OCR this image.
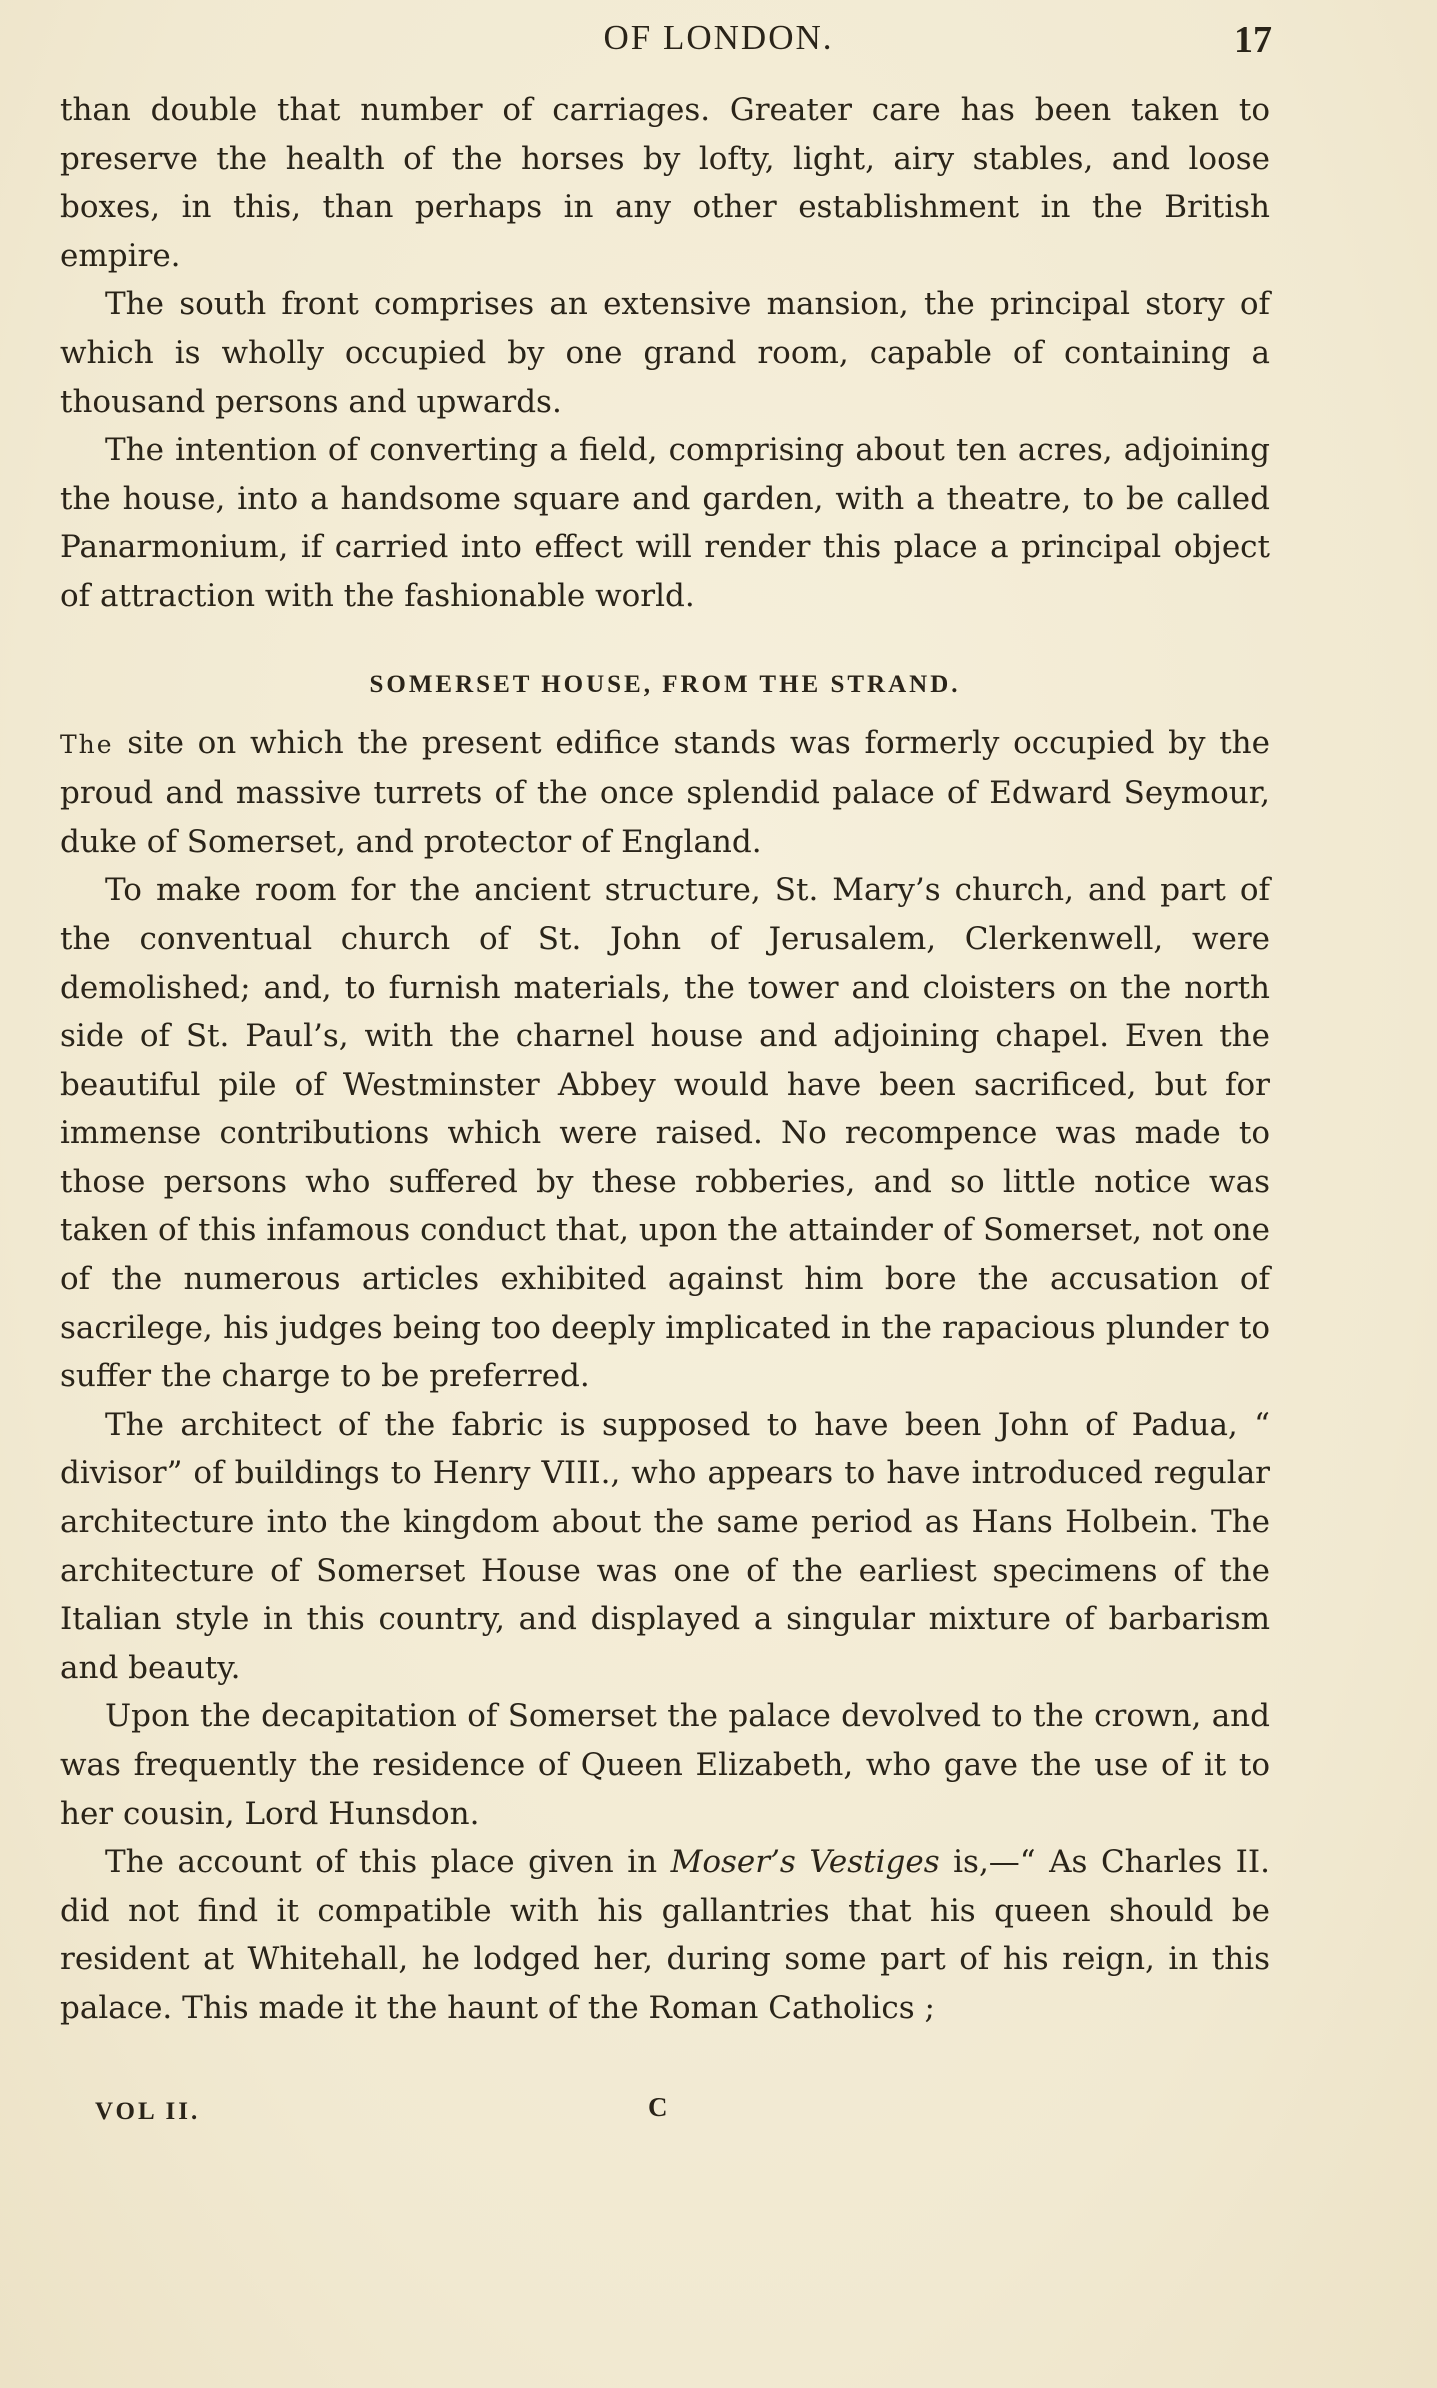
OF LONDON.	17

than double that number of carriages. Greater care has been taken to preserve the health of the horses by lofty, light, airy stables, and loose boxes, in this, than perhaps in any other establishment in the British empire.

The south front comprises an extensive mansion, the principal story of which is wholly occupied by one grand room, capable of containing a thousand persons and upwards.

The intention of converting a field, comprising about ten acres, adjoining the house, into a handsome square and garden, with a theatre, to be called Panarmonium, if carried into effect will render this place a principal object of attraction with the fashionable world.

SOMERSET HOUSE, FROM THE STRAND.

The site on which the present edifice stands was formerly occupied by the proud and massive turrets of the once splendid palace of Edward Seymour, duke of Somerset, and protector of England.

To make room for the ancient structure, St. Mary’s church, and part of the conventual church of St. John of Jerusalem, Clerkenwell, were demolished; and, to furnish materials, the tower and cloisters on the north side of St. Paul’s, with the charnel house and adjoining chapel. Even the beautiful pile of Westminster Abbey would have been sacrificed, but for immense contributions which were raised. No recompence was made to those persons who suffered by these robberies, and so little notice was taken of this infamous conduct that, upon the attainder of Somerset, not one of the numerous articles exhibited against him bore the accusation of sacrilege, his judges being too deeply implicated in the rapacious plunder to suffer the charge to be preferred.

The architect of the fabric is supposed to have been John of Padua, “ divisor” of buildings to Henry VIII., who appears to have introduced regular architecture into the kingdom about the same period as Hans Holbein. The architecture of Somerset House was one of the earliest specimens of the Italian style in this country, and displayed a singular mixture of barbarism and beauty.

Upon the decapitation of Somerset the palace devolved to the crown, and was frequently the residence of Queen Elizabeth, who gave the use of it to her cousin, Lord Hunsdon.

The account of this place given in Moser’s Vestiges is,—“ As Charles II. did not find it compatible with his gallantries that his queen should be resident at Whitehall, he lodged her, during some part of his reign, in this palace. This made it the haunt of the Roman Catholics ;

VOL II.	C
